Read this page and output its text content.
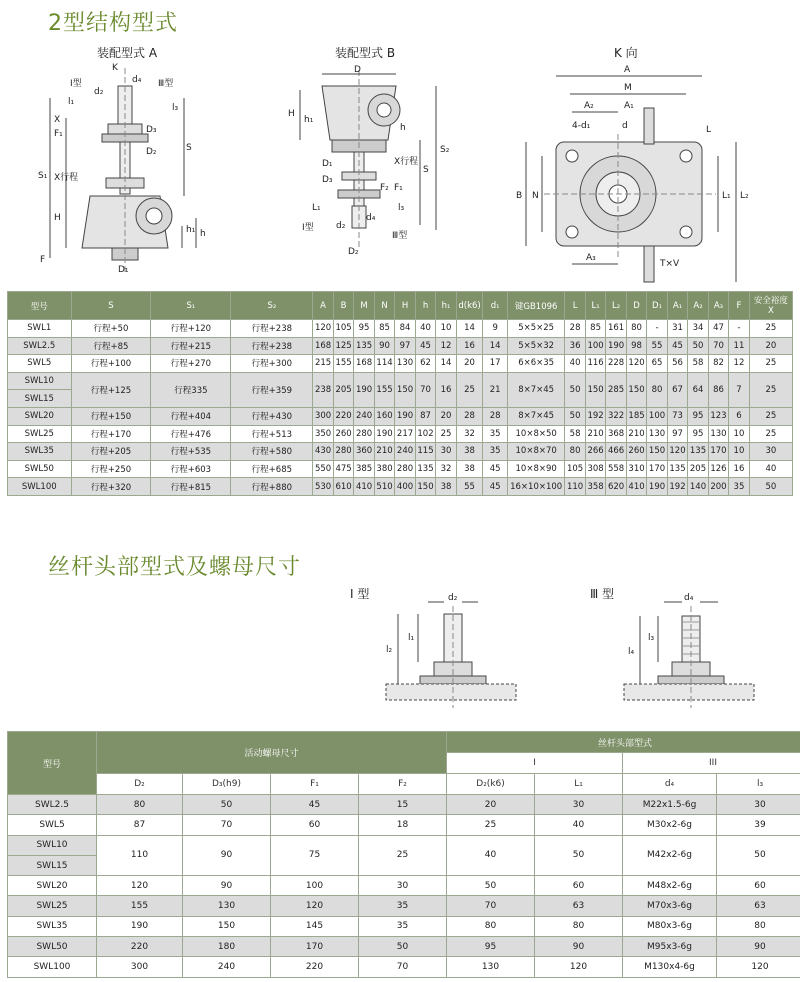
2型结构型式
装配型式 A	装配型式 B	K 向
K
d₄
Ⅰ型	Ⅲ型
d₂
l₁
l₃
D₃
D₂
F₁
X
S
S₁ X行程
H
h₁ h
F
D₁
D
H
h₁
h
S₂
S
D₁
D₃
F₂
X行程
F₁
L₁	l₃
d₂
d₄
D₂
Ⅰ型
Ⅲ型
A
M
A₂	A₁
4-d₁	d	L
B N	L₁ L₂
A₃
T×V
型号	S	S₁	S₂	A	B	M	N	H	h	h₁	d(k6)	d₁	键GB1096	L	L₁	L₂	D	D₁	A₁	A₂	A₃	F	安全裕度 X
SWL1	行程+50	行程+120	行程+238	120	105	95	85	84	40	10	14	9	5×5×25	28	85	161	80	-	31	34	47	-	25
SWL2.5	行程+85	行程+215	行程+238	168	125	135	90	97	45	12	16	14	5×5×32	36	100	190	98	55	45	50	70	11	20
SWL5	行程+100	行程+270	行程+300	215	155	168	114	130	62	14	20	17	6×6×35	40	116	228	120	65	56	58	82	12	25
SWL10	行程+125	行程335	行程+359	238	205	190	155	150	70	16	25	21	8×7×45	50	150	285	150	80	67	64	86	7	25
SWL15																							
SWL20	行程+150	行程+404	行程+430	300	220	240	160	190	87	20	28	28	8×7×45	50	192	322	185	100	73	95	123	6	25
SWL25	行程+170	行程+476	行程+513	350	260	280	190	217	102	25	32	35	10×8×50	58	210	368	210	130	97	95	130	10	25
SWL35	行程+205	行程+535	行程+580	430	280	360	210	240	115	30	38	35	10×8×70	80	266	466	260	150	120	135	170	10	30
SWL50	行程+250	行程+603	行程+685	550	475	385	380	280	135	32	38	45	10×8×90	105	308	558	310	170	135	205	126	16	40
SWL100	行程+320	行程+815	行程+880	530	610	410	510	400	150	38	55	45	16×10×100	110	358	620	410	190	192	140	200	35	50
丝杆头部型式及螺母尺寸
Ⅰ 型	Ⅲ 型
d₂
l₁
l₂
d₄
l₃
l₄
型号	活动螺母尺寸				丝杆头部型式			
					I		III	
	D₂	D₃(h9)	F₁	F₂	D₂(k6)	L₁	d₄	l₃
SWL2.5	80	50	45	15	20	30	M22x1.5-6g	30
SWL5	87	70	60	18	25	40	M30x2-6g	39
SWL10	110	90	75	25	40	50	M42x2-6g	50
SWL15								
SWL20	120	90	100	30	50	60	M48x2-6g	60
SWL25	155	130	120	35	70	63	M70x3-6g	63
SWL35	190	150	145	35	80	80	M80x3-6g	80
SWL50	220	180	170	50	95	90	M95x3-6g	90
SWL100	300	240	220	70	130	120	M130x4-6g	120
